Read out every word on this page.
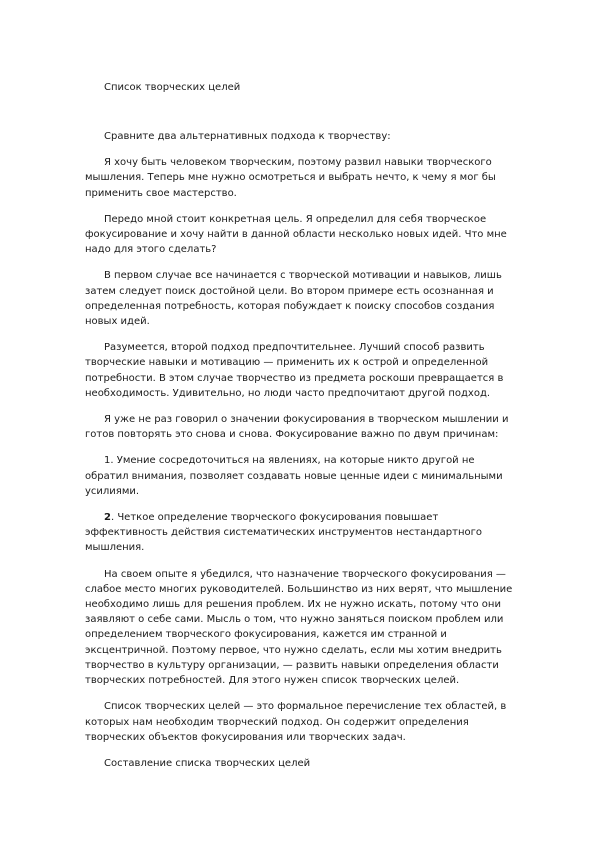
Список творческих целей

Сравните два альтернативных подхода к творчеству:

Я хочу быть человеком творческим, поэтому развил навыки творческого мышления. Теперь мне нужно осмотреться и выбрать нечто, к чему я мог бы применить свое мастерство.

Передо мной стоит конкретная цель. Я определил для себя творческое фокусирование и хочу найти в данной области несколько новых идей. Что мне надо для этого сделать?

В первом случае все начинается с творческой мотивации и навыков, лишь затем следует поиск достойной цели. Во втором примере есть осознанная и определенная потребность, которая побуждает к поиску способов создания новых идей.

Разумеется, второй подход предпочтительнее. Лучший способ развить творческие навыки и мотивацию — применить их к острой и определенной потребности. В этом случае творчество из предмета роскоши превращается в необходимость. Удивительно, но люди часто предпочитают другой подход.

Я уже не раз говорил о значении фокусирования в творческом мышлении и готов повторять это снова и снова. Фокусирование важно по двум причинам:

1. Умение сосредоточиться на явлениях, на которые никто другой не обратил внимания, позволяет создавать новые ценные идеи с минимальными усилиями.

2. Четкое определение творческого фокусирования повышает эффективность действия систематических инструментов нестандартного мышления.

На своем опыте я убедился, что назначение творческого фокусирования — слабое место многих руководителей. Большинство из них верят, что мышление необходимо лишь для решения проблем. Их не нужно искать, потому что они заявляют о себе сами. Мысль о том, что нужно заняться поиском проблем или определением творческого фокусирования, кажется им странной и эксцентричной. Поэтому первое, что нужно сделать, если мы хотим внедрить творчество в культуру организации, — развить навыки определения области творческих потребностей. Для этого нужен список творческих целей.

Список творческих целей — это формальное перечисление тех областей, в которых нам необходим творческий подход. Он содержит определения творческих объектов фокусирования или творческих задач.

Составление списка творческих целей
